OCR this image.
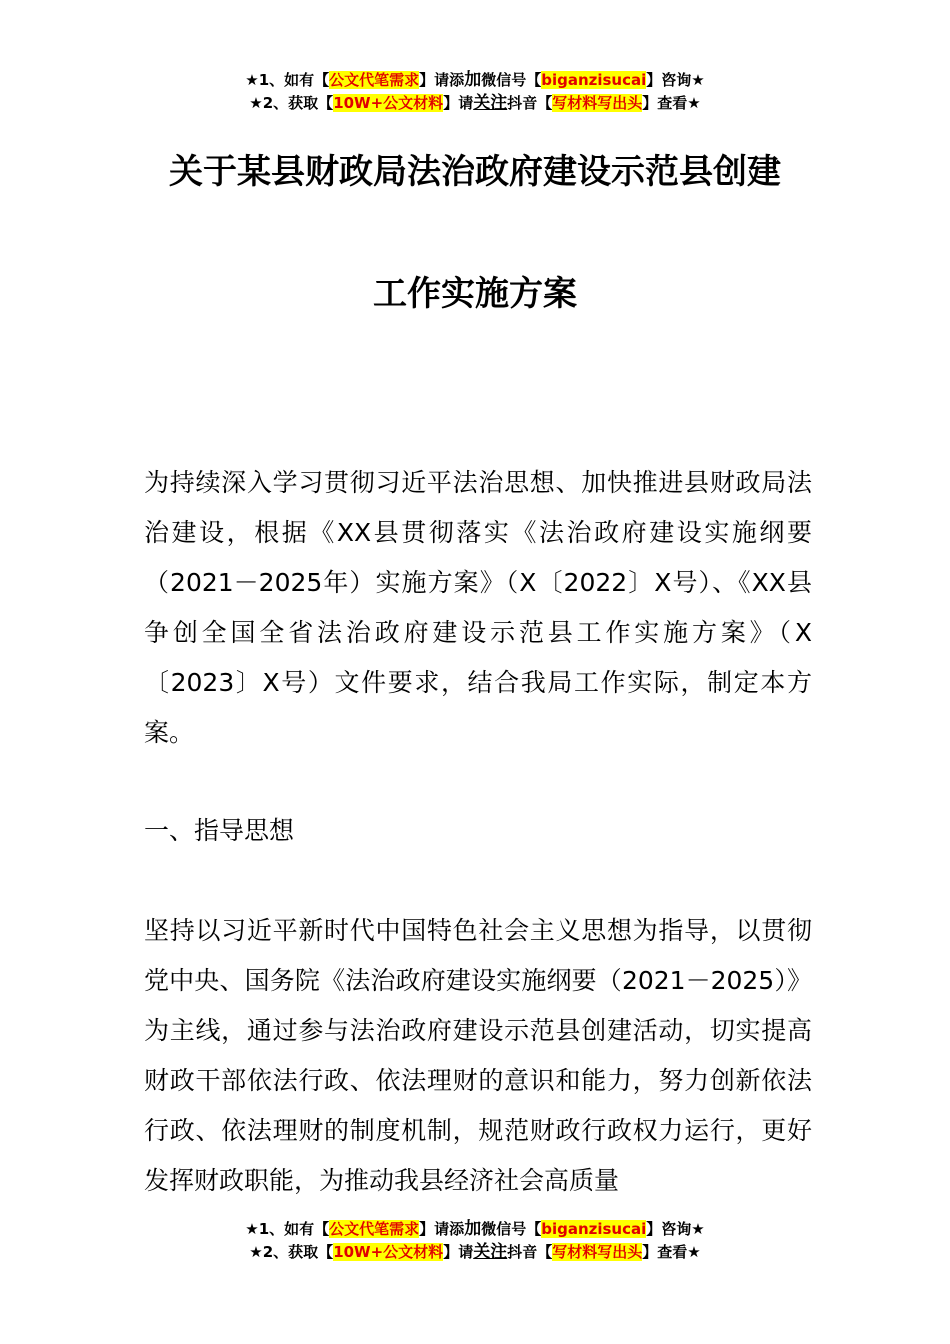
★1、如有【公文代笔需求】请添加微信号【biganzisucai】咨询★
★2、获取【10W+公文材料】请关注抖音【写材料写出头】查看★
关于某县财政局法治政府建设示范县创建
工作实施方案
为持续深入学习贯彻习近平法治思想、加快推进县财政局法治建设，根据《XX县贯彻落实《法治政府建设实施纲要（2021－2025年）实施方案》（X〔2022〕X号）、《XX县争创全国全省法治政府建设示范县工作实施方案》（X〔2023〕X号）文件要求，结合我局工作实际，制定本方案。
一、指导思想
坚持以习近平新时代中国特色社会主义思想为指导，以贯彻党中央、国务院《法治政府建设实施纲要（2021－2025）》为主线，通过参与法治政府建设示范县创建活动，切实提高财政干部依法行政、依法理财的意识和能力，努力创新依法行政、依法理财的制度机制，规范财政行政权力运行，更好发挥财政职能，为推动我县经济社会高质量
★1、如有【公文代笔需求】请添加微信号【biganzisucai】咨询★
★2、获取【10W+公文材料】请关注抖音【写材料写出头】查看★
